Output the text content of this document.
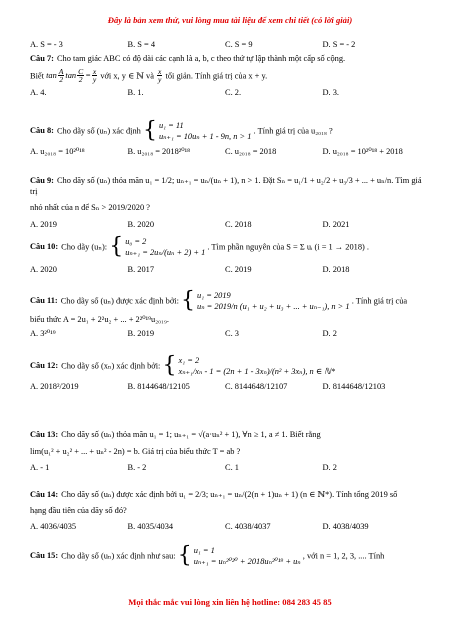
Đây là bản xem thử, vui lòng mua tài liệu để xem chi tiết (có lời giải)
A. S = - 3	B. S = 4	C. S = 9	D. S = - 2
Câu 7: Cho tam giác ABC có độ dài các cạnh là a, b, c theo thứ tự lập thành một cấp số cộng.
Biết $\tan \frac{A}{2}$ $\tan \frac{C}{2} = \frac{x}{y}$ với x, y ∈ ℕ và $\frac{x}{y}$ tối giản. Tính giá trị của x + y.
A. 4.	B. 1.	C. 2.	D. 3.
Câu 8: Cho dãy số (uₙ) xác định { u₁ = 11
uₙ₊₁ = 10uₙ + 1 - 9n, n > 1
. Tính giá trị của u₂₀₁₈ ?
A. u₂₀₁₈ = 10²⁰¹⁸	B. u₂₀₁₈ = 2018²⁰¹⁸	C. u₂₀₁₈ = 2018	D. u₂₀₁₈ = 10²⁰¹⁸ + 2018
Câu 9: Cho dãy số (uₙ) thỏa mãn u₁ = 1/2; uₙ₊₁ = uₙ/(uₙ + 1), n > 1. Đặt Sₙ = u₁/1 + u₂/2 + u₃/3 + ... + uₙ/n. Tìm giá trị
nhỏ nhất của n để Sₙ > 2019/2020 ?
A. 2019	B. 2020	C. 2018	D. 2021
Câu 10: Cho dãy (uₙ): { u₀ = 2
uₙ₊₁ = 2uₙ/(uₙ + 2) + 1
. Tìm phần nguyên của S = Σ uᵢ (i = 1 → 2018) .
A. 2020	B. 2017	C. 2019	D. 2018
Câu 11: Cho dãy số (uₙ) được xác định bởi: { u₁ = 2019
uₙ = 2019/n (u₁ + u₂ + u₃ + ... + uₙ₋₁), n > 1
. Tính giá trị của
biểu thức A = 2u₁ + 2²u₂ + ... + 2²⁰¹⁹u₂₀₁₉.
A. 3²⁰¹⁹	B. 2019	C. 3	D. 2
Câu 12: Cho dãy số (xₙ) xác định bởi: { x₁ = 2
xₙ₊₁/xₙ - 1 = (2n + 1 - 3xₙ)/(n² + 3xₙ), n ∈ ℕ*
A. 2018²/2019	B. 8144648/12105	C. 8144648/12107	D. 8144648/12103
Câu 13: Cho dãy số (uₙ) thỏa mãn u₁ = 1; uₙ₊₁ = √(a·uₙ² + 1), ∀n ≥ 1, a ≠ 1. Biết rằng
lim(u₁² + u₂² + ... + uₙ² - 2n) = b. Giá trị của biểu thức T = ab ?
A. - 1	B. - 2	C. 1	D. 2
Câu 14: Cho dãy số (uₙ) được xác định bởi u₁ = 2/3; uₙ₊₁ = uₙ/(2(n + 1)uₙ + 1) (n ∈ ℕ*). Tính tổng 2019 số
hạng đầu tiên của dãy số đó?
A. 4036/4035	B. 4035/4034	C. 4038/4037	D. 4038/4039
Câu 15: Cho dãy số (uₙ) xác định như sau: { u₁ = 1
uₙ₊₁ = uₙ²⁰²⁰ + 2018uₙ²⁰¹⁹ + uₙ
, với n = 1, 2, 3, .... Tính
Mọi thắc mắc vui lòng xin liên hệ hotline: 084 283 45 85
